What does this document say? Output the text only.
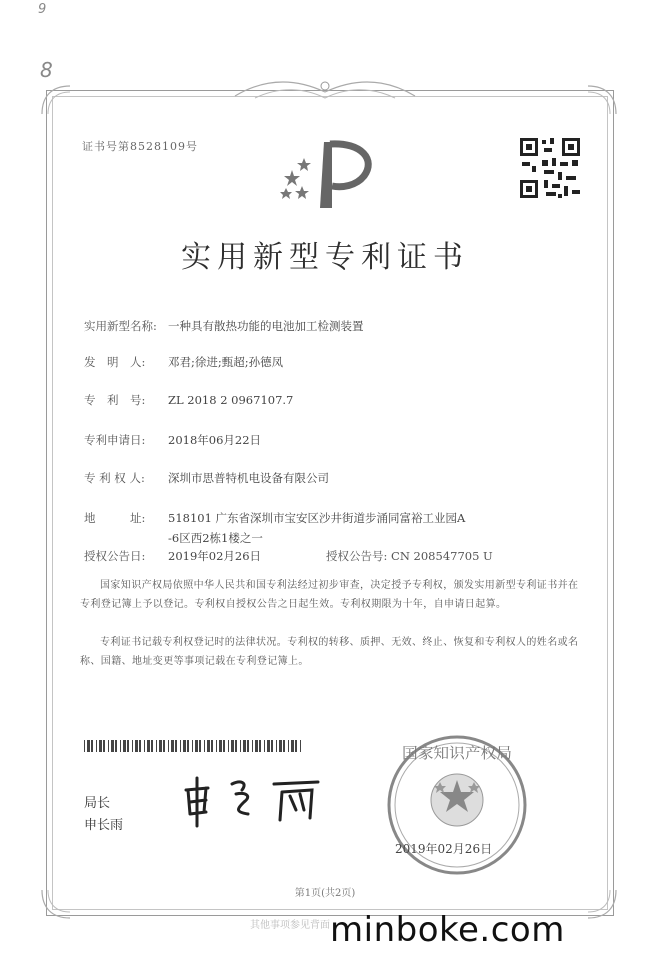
9
8
证书号第8528109号
实用新型专利证书
实用新型名称: 一种具有散热功能的电池加工检测装置
发　明　人: 邓君;徐进;甄超;孙德凤
专　利　号: ZL 2018 2 0967107.7
专利申请日: 2018年06月22日
专 利 权 人: 深圳市思普特机电设备有限公司
地　　　址: 518101 广东省深圳市宝安区沙井街道步涌同富裕工业园A
-6区西2栋1楼之一
授权公告日: 2019年02月26日	授权公告号: CN 208547705 U
国家知识产权局依照中华人民共和国专利法经过初步审查，决定授予专利权，颁发实用新型专利证书并在专利登记簿上予以登记。专利权自授权公告之日起生效。专利权期限为十年，自申请日起算。
专利证书记载专利权登记时的法律状况。专利权的转移、质押、无效、终止、恢复和专利权人的姓名或名称、国籍、地址变更等事项记载在专利登记簿上。
局长
申长雨
国家知识产权局
2019年02月26日
第1页(共2页)
其他事项参见背面 minboke.com
